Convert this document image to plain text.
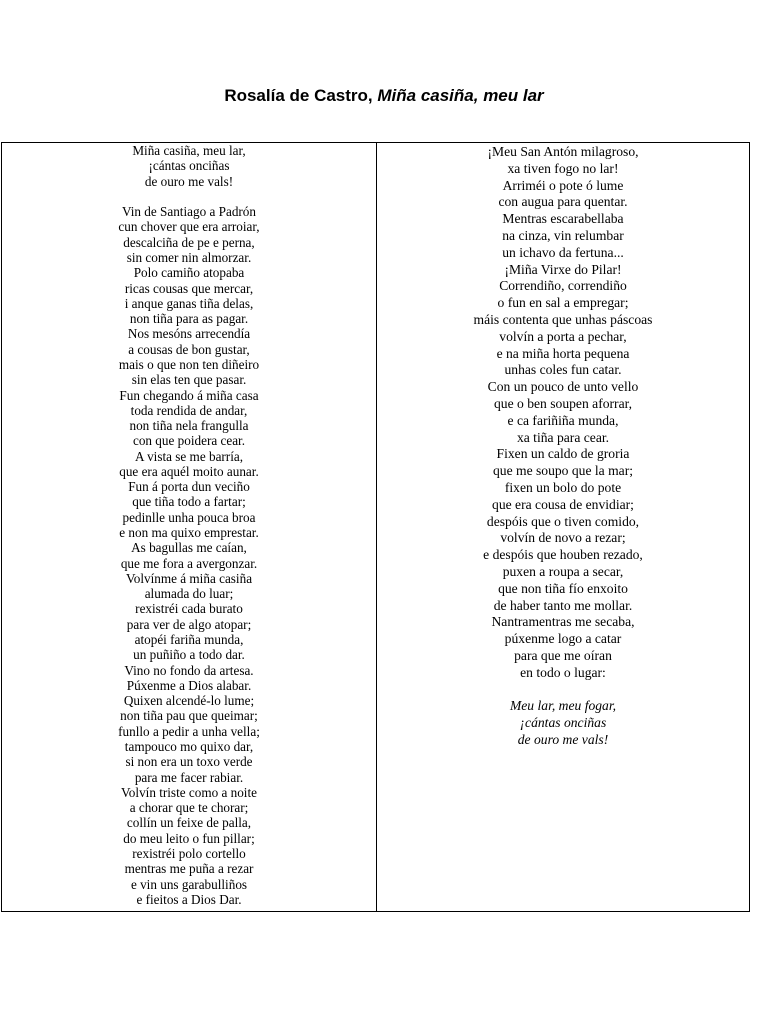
Rosalía de Castro, Miña casiña, meu lar
Miña casiña, meu lar,
¡cántas onciñas
de ouro me vals!

Vin de Santiago a Padrón
cun chover que era arroiar,
descalciña de pe e perna,
sin comer nin almorzar.
Polo camiño atopaba
ricas cousas que mercar,
i anque ganas tiña delas,
non tiña para as pagar.
Nos mesóns arrecendía
a cousas de bon gustar,
mais o que non ten diñeiro
sin elas ten que pasar.
Fun chegando á miña casa
toda rendida de andar,
non tiña nela frangulla
con que poidera cear.
A vista se me barría,
que era aquél moito aunar.
Fun á porta dun veciño
que tiña todo a fartar;
pedinlle unha pouca broa
e non ma quixo emprestar.
As bagullas me caían,
que me fora a avergonzar.
Volvínme á miña casiña
alumada do luar;
rexistréi cada burato
para ver de algo atopar;
atopéi fariña munda,
un puñiño a todo dar.
Vino no fondo da artesa.
Púxenme a Dios alabar.
Quixen alcendé-lo lume;
non tiña pau que queimar;
funllo a pedir a unha vella;
tampouco mo quixo dar,
si non era un toxo verde
para me facer rabiar.
Volvín triste como a noite
a chorar que te chorar;
collín un feixe de palla,
do meu leito o fun pillar;
rexistréi polo cortello
mentras me puña a rezar
e vin uns garabulliños
e fieitos a Dios Dar.
¡Meu San Antón milagroso,
xa tiven fogo no lar!
Arriméi o pote ó lume
con augua para quentar.
Mentras escarabellaba
na cinza, vin relumbar
un ichavo da fertuna...
¡Miña Virxe do Pilar!
Correndiño, correndiño
o fun en sal a empregar;
máis contenta que unhas páscoas
volvín a porta a pechar,
e na miña horta pequena
unhas coles fun catar.
Con un pouco de unto vello
que o ben soupen aforrar,
e ca fariñiña munda,
xa tiña para cear.
Fixen un caldo de groria
que me soupo que la mar;
fixen un bolo do pote
que era cousa de envidiar;
despóis que o tiven comido,
volvín de novo a rezar;
e despóis que houben rezado,
puxen a roupa a secar,
que non tiña fío enxoito
de haber tanto me mollar.
Nantramentras me secaba,
púxenme logo a catar
para que me oíran
en todo o lugar:

Meu lar, meu fogar,
¡cántas onciñas
de ouro me vals!
